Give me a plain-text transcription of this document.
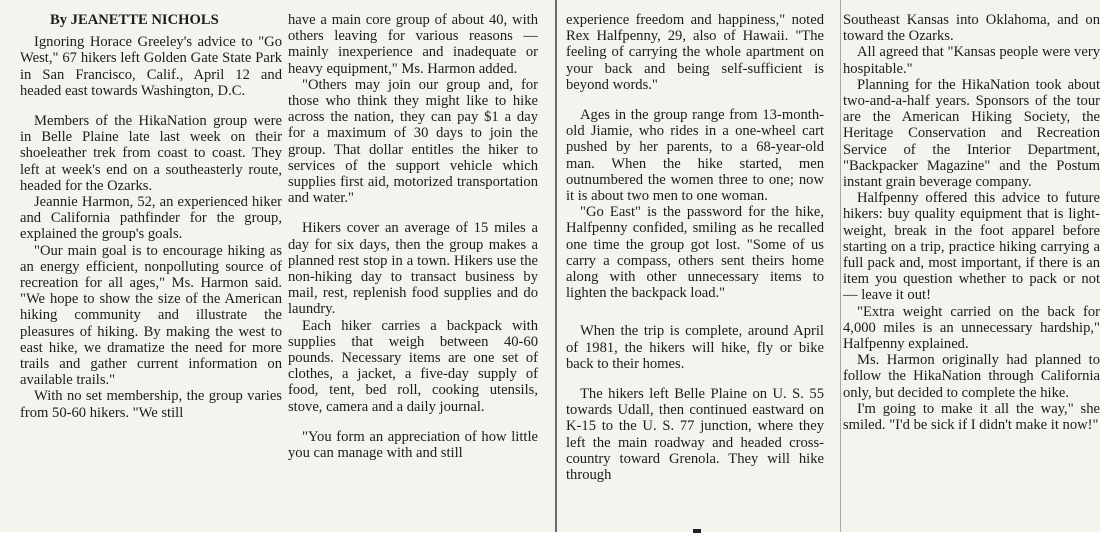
By JEANETTE NICHOLS

Ignoring Horace Greeley's advice to "Go West," 67 hikers left Golden Gate State Park in San Francisco, Calif., April 12 and headed east towards Washington, D.C.

Members of the HikaNation group were in Belle Plaine late last week on their shoeleather trek from coast to coast. They left at week's end on a southeasterly route, headed for the Ozarks.

Jeannie Harmon, 52, an experienced hiker and California pathfinder for the group, explained the group's goals.

"Our main goal is to encourage hiking as an energy efficient, nonpolluting source of recreation for all ages," Ms. Harmon said. "We hope to show the size of the American hiking community and illustrate the pleasures of hiking. By making the west to east hike, we dramatize the need for more trails and gather current information on available trails."

With no set membership, the group varies from 50-60 hikers. "We still

have a main core group of about 40, with others leaving for various reasons — mainly inexperience and inadequate or heavy equipment," Ms. Harmon added.

"Others may join our group and, for those who think they might like to hike across the nation, they can pay $1 a day for a maximum of 30 days to join the group. That dollar entitles the hiker to services of the support vehicle which supplies first aid, motorized transportation and water."

Hikers cover an average of 15 miles a day for six days, then the group makes a planned rest stop in a town. Hikers use the non-hiking day to transact business by mail, rest, replenish food supplies and do laundry.

Each hiker carries a backpack with supplies that weigh between 40-60 pounds. Necessary items are one set of clothes, a jacket, a five-day supply of food, tent, bed roll, cooking utensils, stove, camera and a daily journal.

"You form an appreciation of how little you can manage with and still

experience freedom and happiness," noted Rex Halfpenny, 29, also of Hawaii. "The feeling of carrying the whole apartment on your back and being self-sufficient is beyond words."

Ages in the group range from 13-month-old Jiamie, who rides in a one-wheel cart pushed by her parents, to a 68-year-old man. When the hike started, men outnumbered the women three to one; now it is about two men to one woman.

"Go East" is the password for the hike, Halfpenny confided, smiling as he recalled one time the group got lost. "Some of us carry a compass, others sent theirs home along with other unnecessary items to lighten the backpack load."

When the trip is complete, around April of 1981, the hikers will hike, fly or bike back to their homes.

The hikers left Belle Plaine on U. S. 55 towards Udall, then continued eastward on K-15 to the U. S. 77 junction, where they left the main roadway and headed cross-country toward Grenola. They will hike through

Southeast Kansas into Oklahoma, and on toward the Ozarks.

All agreed that "Kansas people were very hospitable."

Planning for the HikaNation took about two-and-a-half years. Sponsors of the tour are the American Hiking Society, the Heritage Conservation and Recreation Service of the Interior Department, "Backpacker Magazine" and the Postum instant grain beverage company.

Halfpenny offered this advice to future hikers: buy quality equipment that is light-weight, break in the foot apparel before starting on a trip, practice hiking carrying a full pack and, most important, if there is an item you question whether to pack or not — leave it out!

"Extra weight carried on the back for 4,000 miles is an unnecessary hardship," Halfpenny explained.

Ms. Harmon originally had planned to follow the HikaNation through California only, but decided to complete the hike.

I'm going to make it all the way," she smiled. "I'd be sick if I didn't make it now!"
